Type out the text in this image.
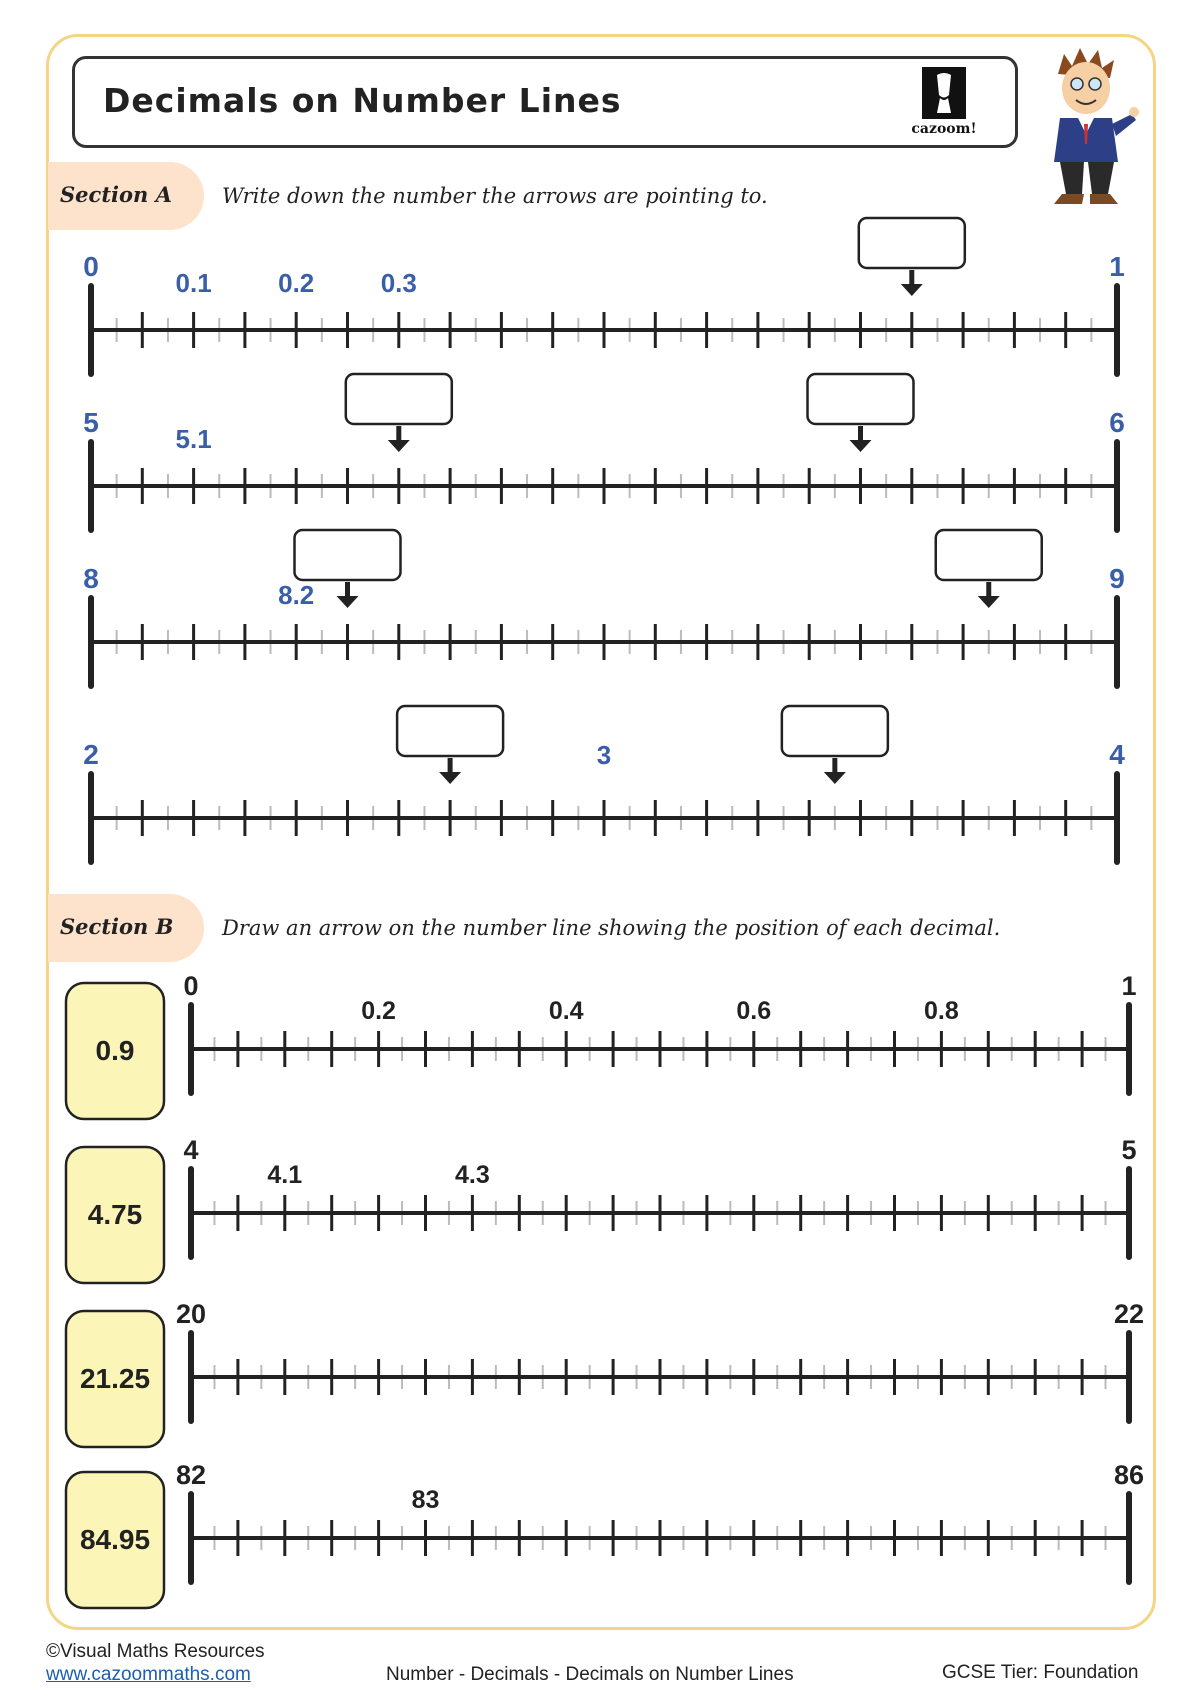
Decimals on Number Lines
cazoom!
Section A Write down the number the arrows are pointing to.
Section B Draw an arrow on the number line showing the position of each decimal.
0	1
0.1	0.2	0.3
5	6
5.1
8	9
8.2
2	4
3
0.9
0	1
0.2	0.4	0.6	0.8
4.75
4	5
4.1	4.3
21.25
20	22
84.95
82	86
83
©Visual Maths Resources
www.cazoommaths.com	Number - Decimals - Decimals on Number Lines	GCSE Tier: Foundation
